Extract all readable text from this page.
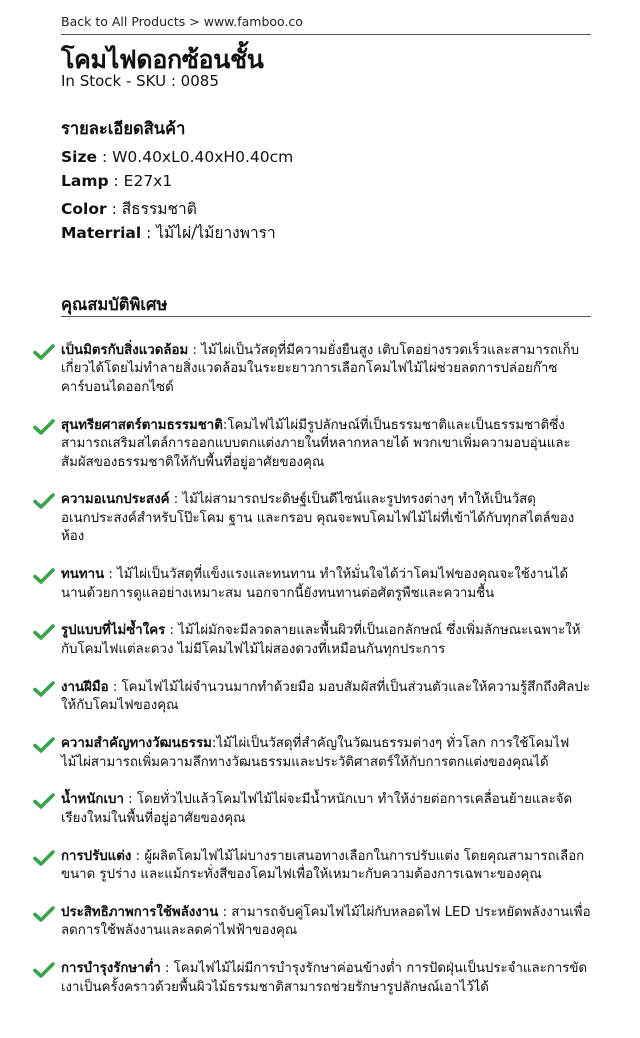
Back to All Products > www.famboo.co
โคมไฟดอกซ้อนชั้น
In Stock - SKU : 0085
รายละเอียดสินค้า
Size : W0.40xL0.40xH0.40cm
Lamp : E27x1
Color : สีธรรมชาติ
Materrial : ไม้ไผ่/ไม้ยางพารา
คุณสมบัติพิเศษ
เป็นมิตรกับสิ่งแวดล้อม : ไม้ไผ่เป็นวัสดุที่มีความยั่งยืนสูง เติบโตอย่างรวดเร็วและสามารถเก็บเกี่ยวได้โดยไม่ทำลายสิ่งแวดล้อมในระยะยาวการเลือกโคมไฟไม้ไผ่ช่วยลดการปล่อยก๊าซคาร์บอนไดออกไซด์
สุนทรียศาสตร์ตามธรรมชาติ:โคมไฟไม้ไผ่มีรูปลักษณ์ที่เป็นธรรมชาติและเป็นธรรมชาติซึ่งสามารถเสริมสไตล์การออกแบบตกแต่งภายในที่หลากหลายได้ พวกเขาเพิ่มความอบอุ่นและสัมผัสของธรรมชาติให้กับพื้นที่อยู่อาศัยของคุณ
ความอเนกประสงค์ : ไม้ไผ่สามารถประดิษฐ์เป็นดีไซน์และรูปทรงต่างๆ ทำให้เป็นวัสดุอเนกประสงค์สำหรับโป๊ะโคม ฐาน และกรอบ คุณจะพบโคมไฟไม้ไผ่ที่เข้าได้กับทุกสไตล์ของห้อง
ทนทาน : ไม้ไผ่เป็นวัสดุที่แข็งแรงและทนทาน ทำให้มั่นใจได้ว่าโคมไฟของคุณจะใช้งานได้นานด้วยการดูแลอย่างเหมาะสม นอกจากนี้ยังทนทานต่อศัตรูพืชและความชื้น
รูปแบบที่ไม่ซ้ำใคร : ไม้ไผ่มักจะมีลวดลายและพื้นผิวที่เป็นเอกลักษณ์ ซึ่งเพิ่มลักษณะเฉพาะให้กับโคมไฟแต่ละดวง ไม่มีโคมไฟไม้ไผ่สองดวงที่เหมือนกันทุกประการ
งานฝีมือ : โคมไฟไม้ไผ่จำนวนมากทำด้วยมือ มอบสัมผัสที่เป็นส่วนตัวและให้ความรู้สึกถึงศิลปะให้กับโคมไฟของคุณ
ความสำคัญทางวัฒนธรรม:ไม้ไผ่เป็นวัสดุที่สำคัญในวัฒนธรรมต่างๆ ทั่วโลก การใช้โคมไฟไม้ไผ่สามารถเพิ่มความลึกทางวัฒนธรรมและประวัติศาสตร์ให้กับการตกแต่งของคุณได้
น้ำหนักเบา : โดยทั่วไปแล้วโคมไฟไม้ไผ่จะมีน้ำหนักเบา ทำให้ง่ายต่อการเคลื่อนย้ายและจัดเรียงใหม่ในพื้นที่อยู่อาศัยของคุณ
การปรับแต่ง : ผู้ผลิตโคมไฟไม้ไผ่บางรายเสนอทางเลือกในการปรับแต่ง โดยคุณสามารถเลือกขนาด รูปร่าง และแม้กระทั่งสีของโคมไฟเพื่อให้เหมาะกับความต้องการเฉพาะของคุณ
ประสิทธิภาพการใช้พลังงาน : สามารถจับคู่โคมไฟไม้ไผ่กับหลอดไฟ LED ประหยัดพลังงานเพื่อลดการใช้พลังงานและลดค่าไฟฟ้าของคุณ
การบำรุงรักษาต่ำ : โคมไฟไม้ไผ่มีการบำรุงรักษาค่อนข้างต่ำ การปัดฝุ่นเป็นประจำและการขัดเงาเป็นครั้งคราวด้วยพื้นผิวไม้ธรรมชาติสามารถช่วยรักษารูปลักษณ์เอาไว้ได้
